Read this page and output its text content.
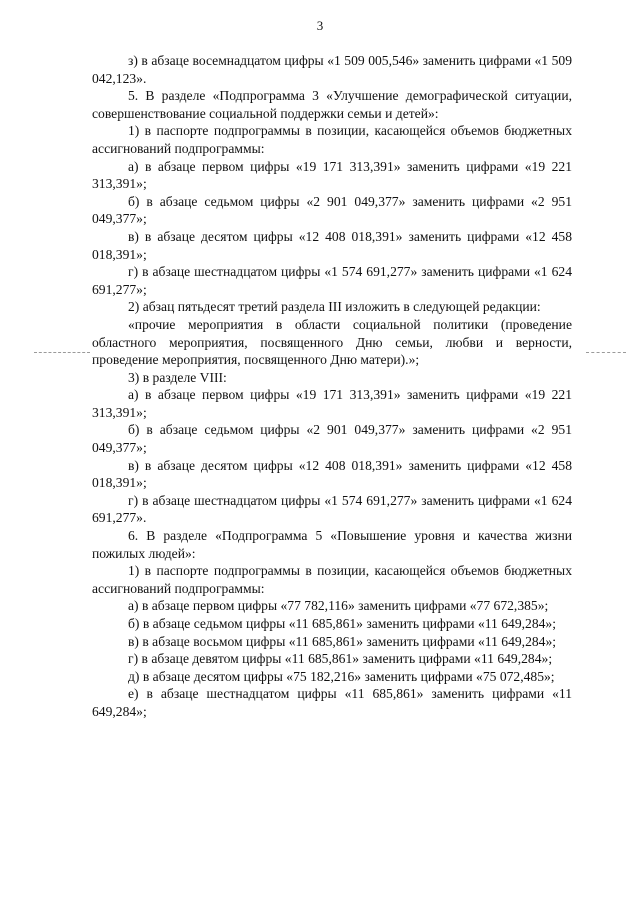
3

з) в абзаце восемнадцатом цифры «1 509 005,546» заменить цифрами «1 509 042,123».

5. В разделе «Подпрограмма 3 «Улучшение демографической ситуации, совершенствование социальной поддержки семьи и детей»:

1) в паспорте подпрограммы в позиции, касающейся объемов бюджетных ассигнований подпрограммы:

а) в абзаце первом цифры «19 171 313,391» заменить цифрами «19 221 313,391»;

б) в абзаце седьмом цифры «2 901 049,377» заменить цифрами «2 951 049,377»;

в) в абзаце десятом цифры «12 408 018,391» заменить цифрами «12 458 018,391»;

г) в абзаце шестнадцатом цифры «1 574 691,277» заменить цифрами «1 624 691,277»;

2) абзац пятьдесят третий раздела III изложить в следующей редакции:

«прочие мероприятия в области социальной политики (проведение областного мероприятия, посвященного Дню семьи, любви и верности, проведение мероприятия, посвященного Дню матери).»;

3) в разделе VIII:

а) в абзаце первом цифры «19 171 313,391» заменить цифрами «19 221 313,391»;

б) в абзаце седьмом цифры «2 901 049,377» заменить цифрами «2 951 049,377»;

в) в абзаце десятом цифры «12 408 018,391» заменить цифрами «12 458 018,391»;

г) в абзаце шестнадцатом цифры «1 574 691,277» заменить цифрами «1 624 691,277».

6. В разделе «Подпрограмма 5 «Повышение уровня и качества жизни пожилых людей»:

1) в паспорте подпрограммы в позиции, касающейся объемов бюджетных ассигнований подпрограммы:

а) в абзаце первом цифры «77 782,116» заменить цифрами «77 672,385»;

б) в абзаце седьмом цифры «11 685,861» заменить цифрами «11 649,284»;

в) в абзаце восьмом цифры «11 685,861» заменить цифрами «11 649,284»;

г) в абзаце девятом цифры «11 685,861» заменить цифрами «11 649,284»;

д) в абзаце десятом цифры «75 182,216» заменить цифрами «75 072,485»;

е) в абзаце шестнадцатом цифры «11 685,861» заменить цифрами «11 649,284»;
